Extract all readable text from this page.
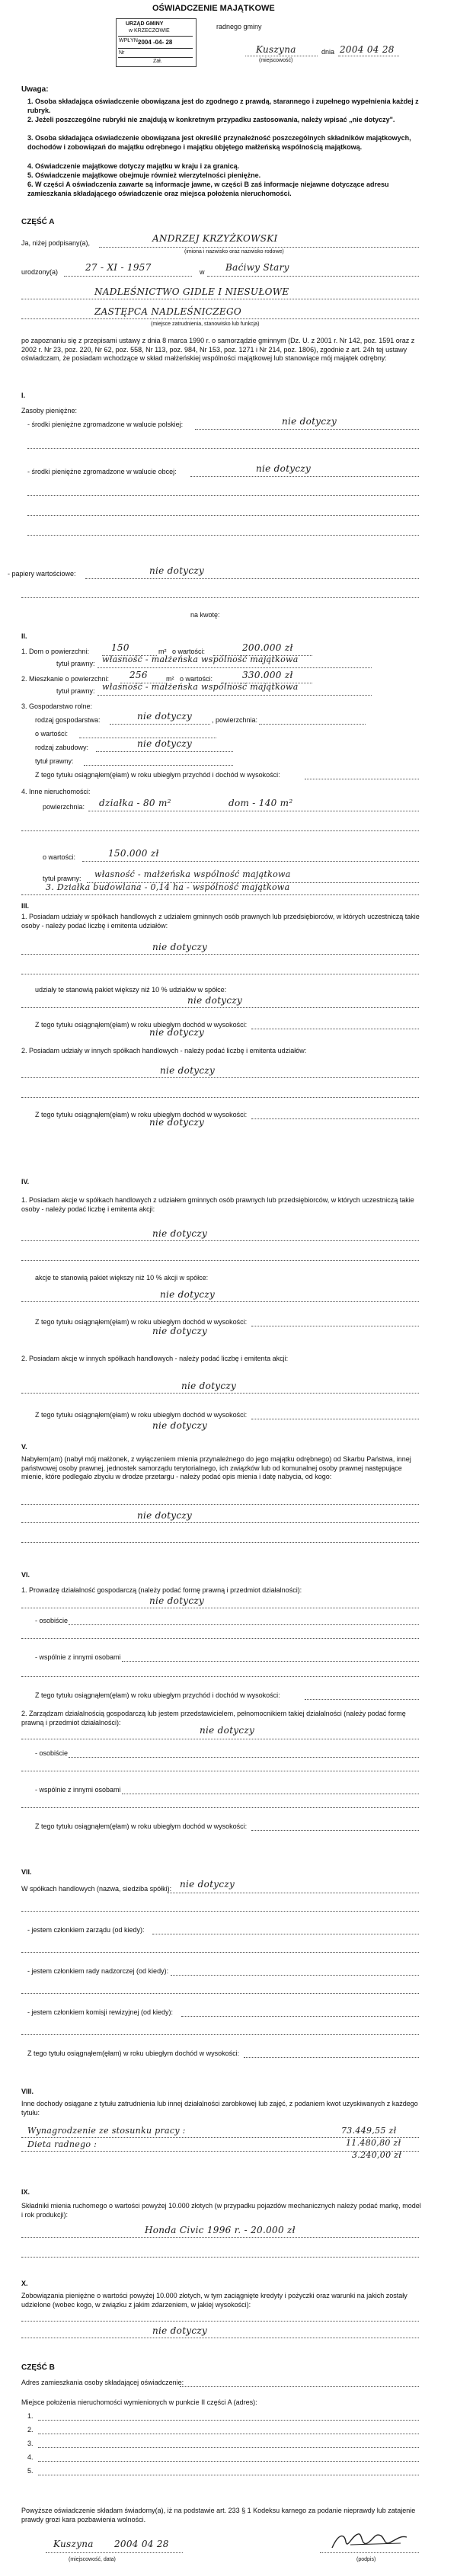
OŚWIADCZENIE MAJĄTKOWE
radnego gminy
URZĄD GMINY
w KRZECZOWIE
WPŁYN.
2004 -04- 28
Nr
Zał.
Kuszyna
(miejscowość)
dnia 2004 04 28
Uwaga:
1. Osoba składająca oświadczenie obowiązana jest do zgodnego z prawdą, starannego i zupełnego wypełnienia każdej z rubryk.
2. Jeżeli poszczególne rubryki nie znajdują w konkretnym przypadku zastosowania, należy wpisać „nie dotyczy".
3. Osoba składająca oświadczenie obowiązana jest określić przynależność poszczególnych składników majątkowych, dochodów i zobowiązań do majątku odrębnego i majątku objętego małżeńską wspólnością majątkową.
4. Oświadczenie majątkowe dotyczy majątku w kraju i za granicą.
5. Oświadczenie majątkowe obejmuje również wierzytelności pieniężne.
6. W części A oświadczenia zawarte są informacje jawne, w części B zaś informacje niejawne dotyczące adresu zamieszkania składającego oświadczenie oraz miejsca położenia nieruchomości.
CZĘŚĆ A
Ja, niżej podpisany(a),	ANDRZEJ KRZYŻKOWSKI
(imiona i nazwisko oraz nazwisko rodowe)
urodzony(a)	27 - XI - 1957	w Baćiwy Stary
NADLEŚNICTWO GIDLE I NIESUŁOWE
ZASTĘPCA NADLEŚNICZEGO
(miejsce zatrudnienia, stanowisko lub funkcja)
po zapoznaniu się z przepisami ustawy z dnia 8 marca 1990 r. o samorządzie gminnym (Dz. U. z 2001 r. Nr 142, poz. 1591 oraz z 2002 r. Nr 23, poz. 220, Nr 62, poz. 558, Nr 113, poz. 984, Nr 153, poz. 1271 i Nr 214, poz. 1806), zgodnie z art. 24h tej ustawy oświadczam, że posiadam wchodzące w skład małżeńskiej wspólności majątkowej lub stanowiące mój majątek odrębny:
I.
Zasoby pieniężne:
- środki pieniężne zgromadzone w walucie polskiej:	nie dotyczy
- środki pieniężne zgromadzone w walucie obcej:	nie dotyczy
- papiery wartościowe:	nie dotyczy
na kwotę:
II.
1. Dom o powierzchni: 150	m² o wartości:	200.000 zł
tytuł prawny: własność - małżeńska wspólność majątkowa
2. Mieszkanie o powierzchni: 256	m² o wartości:	330.000 zł
tytuł prawny: własność - małżeńska wspólność majątkowa
3. Gospodarstwo rolne:
rodzaj gospodarstwa:	nie dotyczy	, powierzchnia:
o wartości:
rodzaj zabudowy:	nie dotyczy
tytuł prawny:
Z tego tytułu osiągnąłem(ęłam) w roku ubiegłym przychód i dochód w wysokości:
4. Inne nieruchomości:
powierzchnia: działka - 80 m²	dom - 140 m²
o wartości:	150.000 zł
tytuł prawny: własność - małżeńska wspólność majątkowa
3. Działka budowlana - 0,14 ha - wspólność majątkowa
III.
1. Posiadam udziały w spółkach handlowych z udziałem gminnych osób prawnych lub przedsiębiorców, w których uczestniczą takie osoby - należy podać liczbę i emitenta udziałów:
nie dotyczy
udziały te stanowią pakiet większy niż 10 % udziałów w spółce:
nie dotyczy
Z tego tytułu osiągnąłem(ęłam) w roku ubiegłym dochód w wysokości:
nie dotyczy
2. Posiadam udziały w innych spółkach handlowych - należy podać liczbę i emitenta udziałów:
nie dotyczy
Z tego tytułu osiągnąłem(ęłam) w roku ubiegłym dochód w wysokości:
nie dotyczy
IV.
1. Posiadam akcje w spółkach handlowych z udziałem gminnych osób prawnych lub przedsiębiorców, w których uczestniczą takie osoby - należy podać liczbę i emitenta akcji:
nie dotyczy
akcje te stanowią pakiet większy niż 10 % akcji w spółce:
nie dotyczy
Z tego tytułu osiągnąłem(ęłam) w roku ubiegłym dochód w wysokości:
nie dotyczy
2. Posiadam akcje w innych spółkach handlowych - należy podać liczbę i emitenta akcji:
nie dotyczy
Z tego tytułu osiągnąłem(ęłam) w roku ubiegłym dochód w wysokości:
nie dotyczy
V.
Nabyłem(am) (nabył mój małżonek, z wyłączeniem mienia przynależnego do jego majątku odrębnego) od Skarbu Państwa, innej państwowej osoby prawnej, jednostek samorządu terytorialnego, ich związków lub od komunalnej osoby prawnej następujące mienie, które podlegało zbyciu w drodze przetargu - należy podać opis mienia i datę nabycia, od kogo:
nie dotyczy
VI.
1. Prowadzę działalność gospodarczą (należy podać formę prawną i przedmiot działalności):
nie dotyczy
- osobiście
- wspólnie z innymi osobami
Z tego tytułu osiągnąłem(ęłam) w roku ubiegłym przychód i dochód w wysokości:
2. Zarządzam działalnością gospodarczą lub jestem przedstawicielem, pełnomocnikiem takiej działalności (należy podać formę prawną i przedmiot działalności):
nie dotyczy
- osobiście
- wspólnie z innymi osobami
Z tego tytułu osiągnąłem(ęłam) w roku ubiegłym dochód w wysokości:
VII.
W spółkach handlowych (nazwa, siedziba spółki): nie dotyczy
- jestem członkiem zarządu (od kiedy):
- jestem członkiem rady nadzorczej (od kiedy):
- jestem członkiem komisji rewizyjnej (od kiedy):
Z tego tytułu osiągnąłem(ęłam) w roku ubiegłym dochód w wysokości:
VIII.
Inne dochody osiągane z tytułu zatrudnienia lub innej działalności zarobkowej lub zajęć, z podaniem kwot uzyskiwanych z każdego tytułu:
Wynagrodzenie ze stosunku pracy :	73.449,55 zł
Dieta radnego :	11.480,80 zł
3.240,00 zł
IX.
Składniki mienia ruchomego o wartości powyżej 10.000 złotych (w przypadku pojazdów mechanicznych należy podać markę, model i rok produkcji):
Honda Civic 1996 r. - 20.000 zł
X.
Zobowiązania pieniężne o wartości powyżej 10.000 złotych, w tym zaciągnięte kredyty i pożyczki oraz warunki na jakich zostały udzielone (wobec kogo, w związku z jakim zdarzeniem, w jakiej wysokości):
nie dotyczy
CZĘŚĆ B
Adres zamieszkania osoby składającej oświadczenie:
Miejsce położenia nieruchomości wymienionych w punkcie II części A (adres):
1.
2.
3.
4.
5.
Powyższe oświadczenie składam świadomy(a), iż na podstawie art. 233 § 1 Kodeksu karnego za podanie nieprawdy lub zatajenie prawdy grozi kara pozbawienia wolności.
Kuszyna 2004 04 28
(miejscowość, data)	(podpis)
